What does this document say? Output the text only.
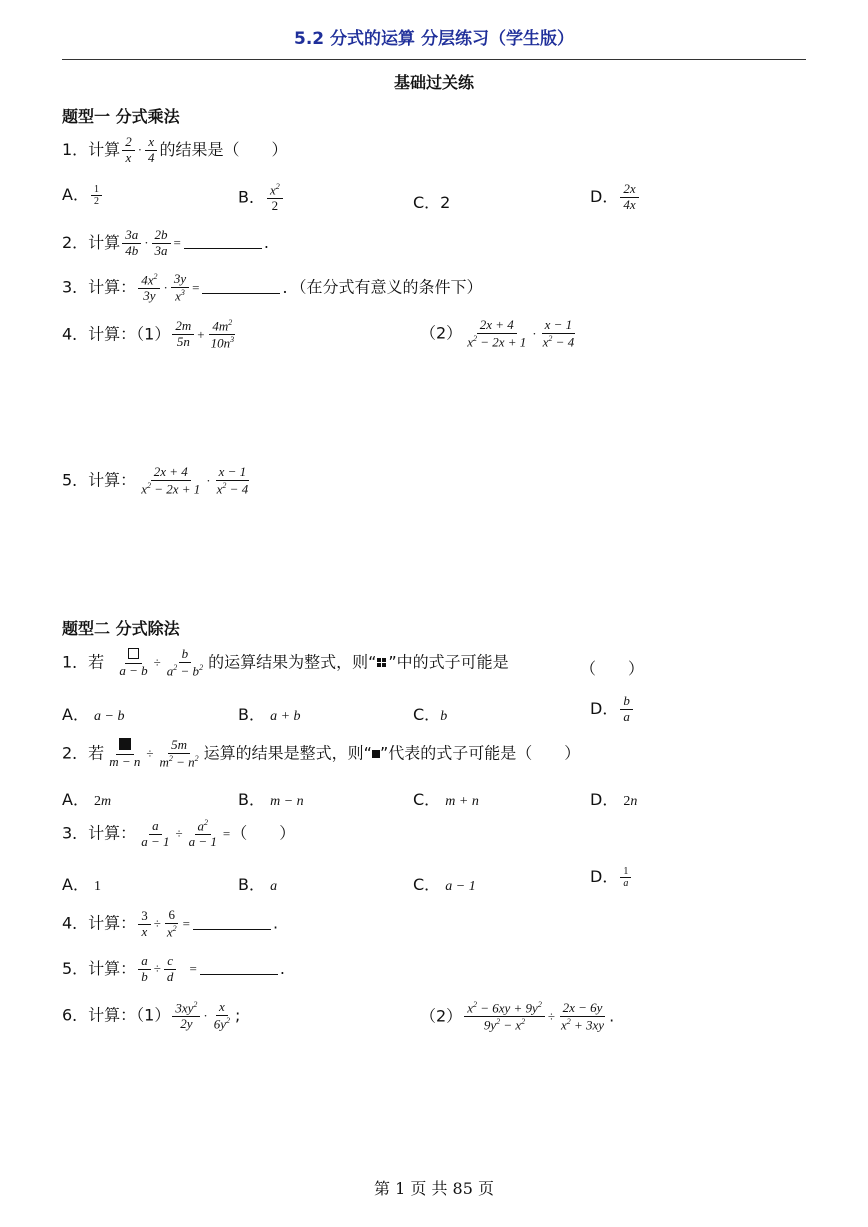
5.2 分式的运算 分层练习（学生版）
基础过关练
题型一 分式乘法
1．计算 $\frac{2}{x} \cdot \frac{x}{4}$ 的结果是（　　）
A． $\frac{1}{2}$	B． $\frac{x^2}{2}$	C．2	D． $\frac{2x}{4x}$
2．计算 $\frac{3a}{4b} \cdot \frac{2b}{3a}$ =	.
3．计算： $\frac{4x^2}{3y} \cdot \frac{3y}{x^3}$ =	．（在分式有意义的条件下）
4．计算：$(1) \frac{2m}{5n} + \frac{4m^2}{10n^3}$	$(2) \frac{2x + 4}{x^2 - 2x + 1} \cdot \frac{x - 1}{x^2 - 4}$
5．计算： $\frac{2x + 4}{x^2 - 2x + 1} \cdot \frac{x - 1}{x^2 - 4}$
题型二 分式除法
1．若 $a - b \div \frac{b}{a^2 - b^2}$ 的运算结果为整式，则“ ”中的式子可能是	（　　）
A． a − b	B． a + b	C．b	D． $\frac{b}{a}$
2．若 m − n
÷ $\frac{5m}{m^2 - n^2}$ 运算的结果是整式，则“ ”代表的式子可能是（　　）
A． 2m	B． m − n	C． m + n	D． 2n
3．计算： $\frac{a}{a - 1} \div \frac{a^2}{a - 1}$ =（　　）
A． 1	B． a	C． a − 1
D． $\frac{1}{a}$
4．计算： $\frac{3}{x} \div \frac{6}{x^2}$ =	.
5．计算： $\frac{a}{b} \div \frac{c}{d}$ =	.
6．计算：$(1) \frac{3xy^2}{2y} \cdot \frac{x}{6y^2}$ ;	$(2) \frac{x^2 - 6xy + 9y^2}{9y^2 - x^2} \div \frac{2x - 6y}{x^2 + 3xy}$ .
第 1 页 共 85 页
